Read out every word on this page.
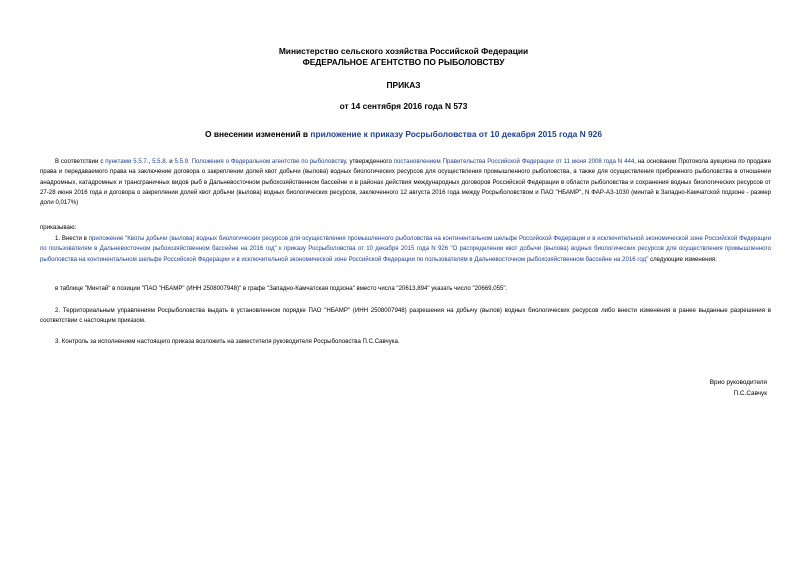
Министерство сельского хозяйства Российской Федерации
ФЕДЕРАЛЬНОЕ АГЕНТСТВО ПО РЫБОЛОВСТВУ
ПРИКАЗ
от 14 сентября 2016 года N 573
О внесении изменений в приложение к приказу Росрыболовства от 10 декабря 2015 года N 926

В соответствии с пунктами 5.5.7., 5.5.8. и 5.5.9. Положения о Федеральном агентстве по рыболовству, утвержденного постановлением Правительства Российской Федерации от 11 июня 2008 года N 444, на основании Протокола аукциона по продаже права и передаваемого права на заключение договора о закреплении долей квот добычи (вылова) водных биологических ресурсов для осуществления промышленного рыболовства, а также для осуществления прибрежного рыболовства в отношении анадромных, катадромных и трансграничных видов рыб в Дальневосточном рыбохозяйственном бассейне и в районах действия международных договоров Российской Федерации в области рыболовства и сохранения водных биологических ресурсов от 27-28 июня 2016 года и договора о закреплении долей квот добычи (вылова) водных биологических ресурсов, заключенного 12 августа 2016 года между Росрыболовством и ПАО "НБАМР", N ФАР-АЗ-1030 (минтай в Западно-Камчатской подзоне - размер доли 0,017%)

приказываю:

1. Внести в приложение "Квоты добычи (вылова) водных биологических ресурсов для осуществления промышленного рыболовства на континентальном шельфе Российской Федерации и в исключительной экономической зоне Российской Федерации по пользователям в Дальневосточном рыбохозяйственном бассейне на 2016 год" к приказу Росрыболовства от 10 декабря 2015 года N 926 "О распределении квот добычи (вылова) водных биологических ресурсов для осуществления промышленного рыболовства на континентальном шельфе Российской Федерации и в исключительной экономической зоне Российской Федерации по пользователям в Дальневосточном рыбохозяйственном бассейне на 2016 год" следующие изменения:

в таблице "Минтай" в позиции "ПАО "НБАМР" (ИНН 2508007948)" в графе "Западно-Камчатская подзона" вместо числа "20613,894" указать число "20669,055".

2. Территориальным управлениям Росрыболовства выдать в установленном порядке ПАО "НБАМР" (ИНН 2508007948) разрешения на добычу (вылов) водных биологических ресурсов либо внести изменения в ранее выданные разрешения в соответствии с настоящим приказом.

3. Контроль за исполнением настоящего приказа возложить на заместителя руководителя Росрыболовства П.С.Савчука.

Врио руководителя
П.С.Савчук
